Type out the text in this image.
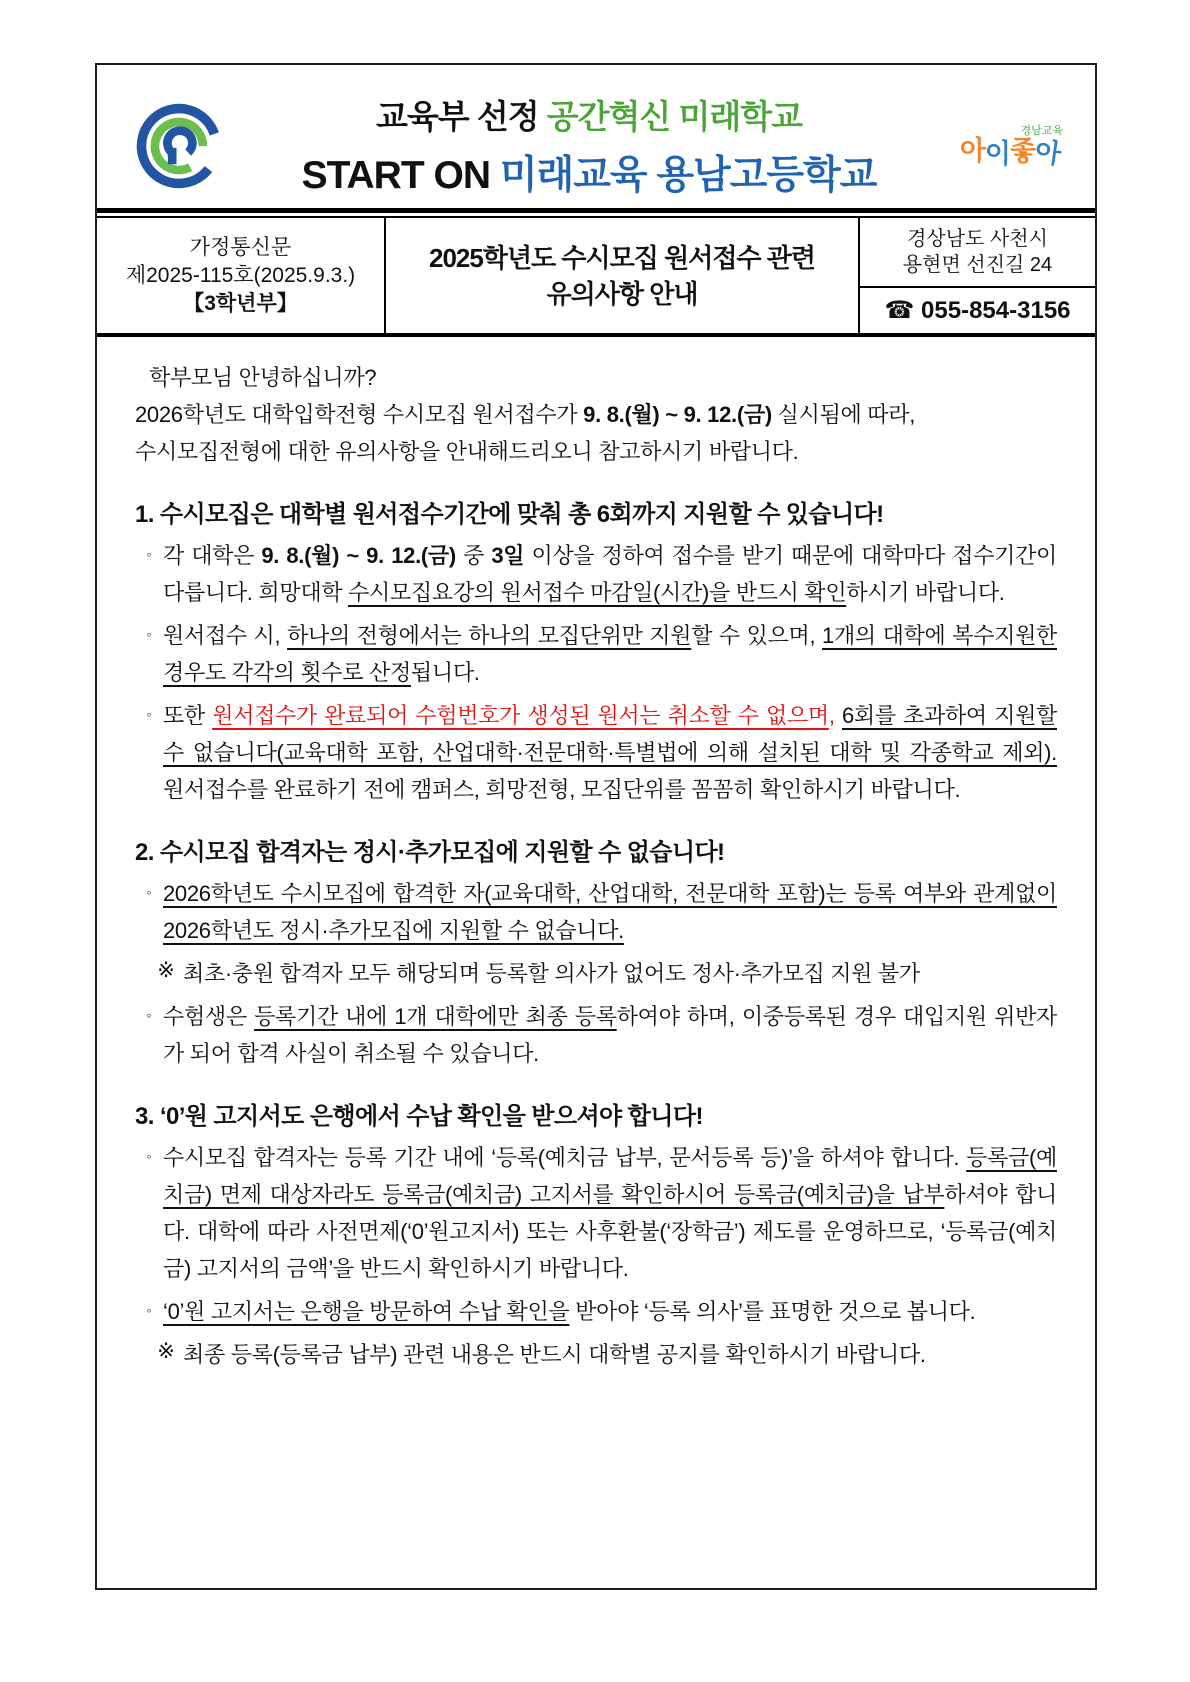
교육부 선정 공간혁신 미래학교
START ON 미래교육 용남고등학교
경남교육
아이좋아
가정통신문
제2025-115호(2025.9.3.)
【3학년부】
2025학년도 수시모집 원서접수 관련
유의사항 안내
경상남도 사천시
용현면 선진길 24
☎ 055-854-3156

학부모님 안녕하십니까?

2026학년도 대학입학전형 수시모집 원서접수가 9. 8.(월) ~ 9. 12.(금) 실시됨에 따라,

수시모집전형에 대한 유의사항을 안내해드리오니 참고하시기 바랍니다.

1. 수시모집은 대학별 원서접수기간에 맞춰 총 6회까지 지원할 수 있습니다!
◦ 각 대학은 9. 8.(월) ~ 9. 12.(금) 중 3일 이상을 정하여 접수를 받기 때문에 대학마다 접수기간이 다릅니다. 희망대학 수시모집요강의 원서접수 마감일(시간)을 반드시 확인하시기 바랍니다.

◦ 원서접수 시, 하나의 전형에서는 하나의 모집단위만 지원할 수 있으며, 1개의 대학에 복수지원한 경우도 각각의 횟수로 산정됩니다.

◦ 또한 원서접수가 완료되어 수험번호가 생성된 원서는 취소할 수 없으며, 6회를 초과하여 지원할 수 없습니다(교육대학 포함, 산업대학·전문대학·특별법에 의해 설치된 대학 및 각종학교 제외). 원서접수를 완료하기 전에 캠퍼스, 희망전형, 모집단위를 꼼꼼히 확인하시기 바랍니다.

2. 수시모집 합격자는 정시·추가모집에 지원할 수 없습니다!
◦ 2026학년도 수시모집에 합격한 자(교육대학, 산업대학, 전문대학 포함)는 등록 여부와 관계없이 2026학년도 정시·추가모집에 지원할 수 없습니다.

※ 최초·충원 합격자 모두 해당되며 등록할 의사가 없어도 정사·추가모집 지원 불가

◦ 수험생은 등록기간 내에 1개 대학에만 최종 등록하여야 하며, 이중등록된 경우 대입지원 위반자가 되어 합격 사실이 취소될 수 있습니다.

3. ‘0’원 고지서도 은행에서 수납 확인을 받으셔야 합니다!
◦ 수시모집 합격자는 등록 기간 내에 ‘등록(예치금 납부, 문서등록 등)’을 하셔야 합니다. 등록금(예치금) 면제 대상자라도 등록금(예치금) 고지서를 확인하시어 등록금(예치금)을 납부하셔야 합니다. 대학에 따라 사전면제(‘0’원고지서) 또는 사후환불(‘장학금’) 제도를 운영하므로, ‘등록금(예치금) 고지서의 금액’을 반드시 확인하시기 바랍니다.

◦ ‘0’원 고지서는 은행을 방문하여 수납 확인을 받아야 ‘등록 의사’를 표명한 것으로 봅니다.

※ 최종 등록(등록금 납부) 관련 내용은 반드시 대학별 공지를 확인하시기 바랍니다.
